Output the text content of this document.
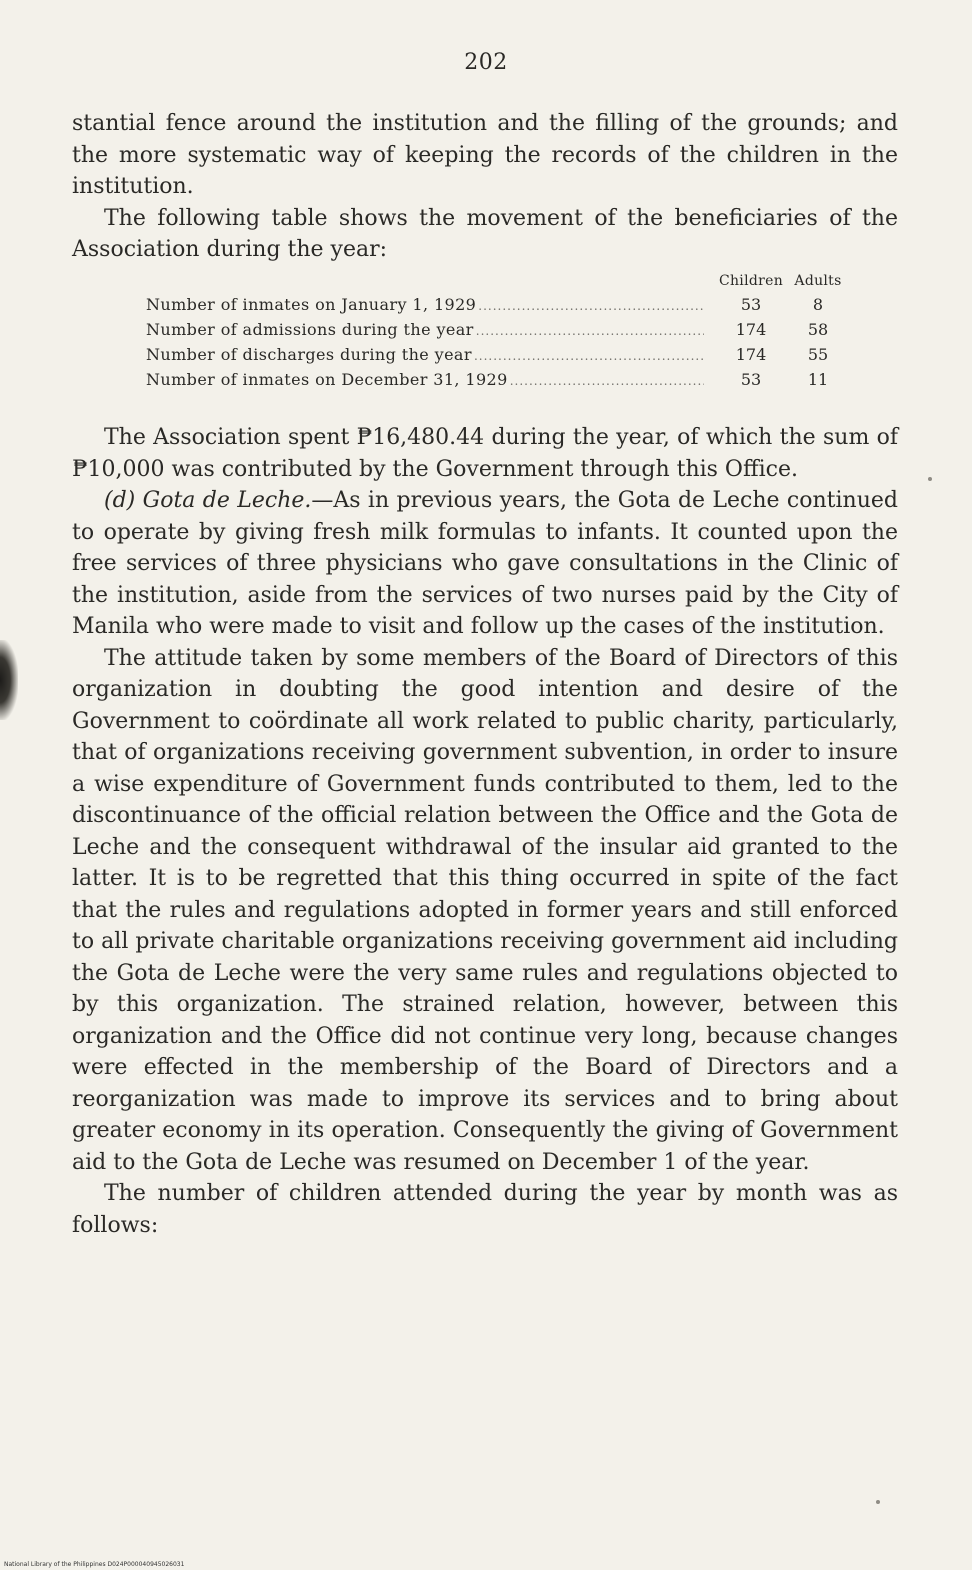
202

stantial fence around the institution and the filling of the grounds; and the more systematic way of keeping the records of the children in the institution.

The following table shows the movement of the beneficiaries of the Association during the year:

Children Adults
Number of inmates on January 1, 1929 .....	53	8
Number of admissions during the year .....	174	58
Number of discharges during the year .....	174	55
Number of inmates on December 31, 1929 .....	53	11

The Association spent ₱16,480.44 during the year, of which the sum of ₱10,000 was contributed by the Government through this Office.

(d) Gota de Leche.—As in previous years, the Gota de Leche continued to operate by giving fresh milk formulas to infants. It counted upon the free services of three physicians who gave consultations in the Clinic of the institution, aside from the services of two nurses paid by the City of Manila who were made to visit and follow up the cases of the institution.

The attitude taken by some members of the Board of Directors of this organization in doubting the good intention and desire of the Government to coördinate all work related to public charity, particularly, that of organizations receiving government subvention, in order to insure a wise expenditure of Government funds contributed to them, led to the discontinuance of the official relation between the Office and the Gota de Leche and the consequent withdrawal of the insular aid granted to the latter. It is to be regretted that this thing occurred in spite of the fact that the rules and regulations adopted in former years and still enforced to all private charitable organizations receiving government aid including the Gota de Leche were the very same rules and regulations objected to by this organization. The strained relation, however, between this organization and the Office did not continue very long, because changes were effected in the membership of the Board of Directors and a reorganization was made to improve its services and to bring about greater economy in its operation. Consequently the giving of Government aid to the Gota de Leche was resumed on December 1 of the year.

The number of children attended during the year by month was as follows:

National Library of the Philippines D024P000040945026031
